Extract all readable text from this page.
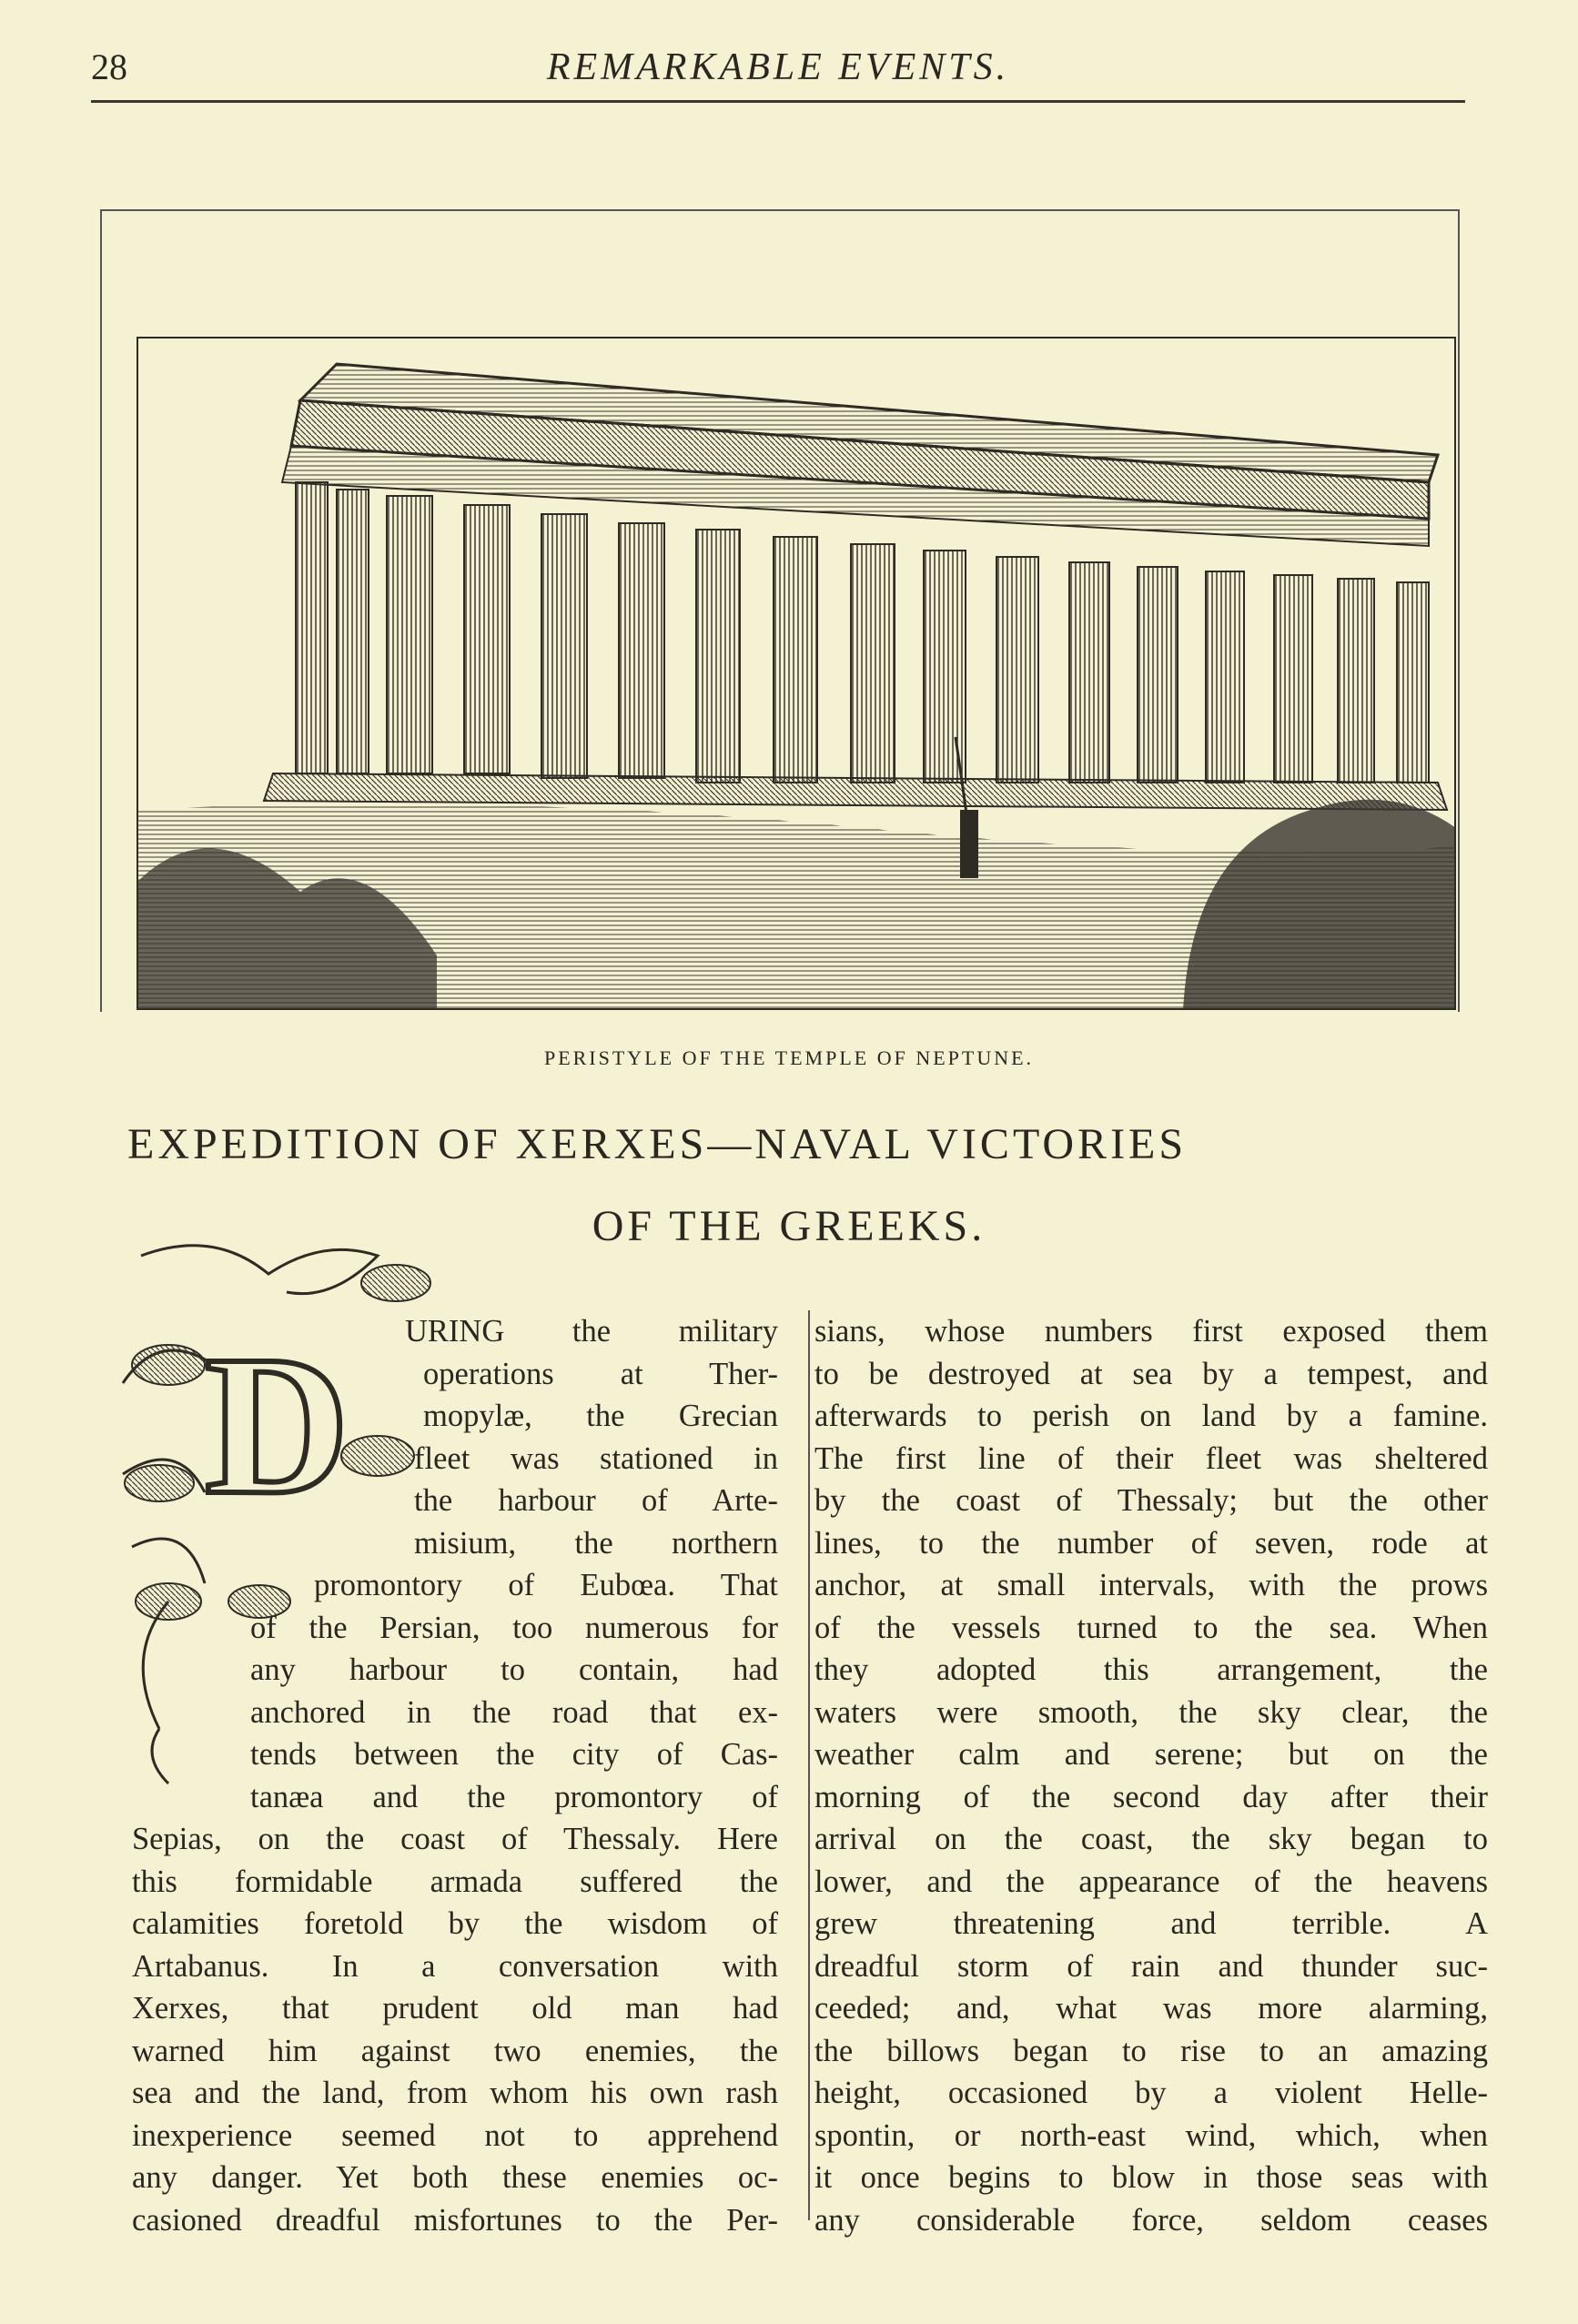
28	REMARKABLE EVENTS.
PERISTYLE OF THE TEMPLE OF NEPTUNE.
EXPEDITION OF XERXES—NAVAL VICTORIES
OF THE GREEKS.
D	URING the military
operations at Ther-
mopylæ, the Grecian
fleet was stationed in
the harbour of Arte-
misium, the northern
promontory of Eubœa. That
of the Persian, too numerous for
any harbour to contain, had
anchored in the road that ex-
tends between the city of Cas-
tanæa and the promontory of
Sepias, on the coast of Thessaly. Here
this formidable armada suffered the
calamities foretold by the wisdom of
Artabanus. In a conversation with
Xerxes, that prudent old man had
warned him against two enemies, the
sea and the land, from whom his own rash
inexperience seemed not to apprehend
any danger. Yet both these enemies oc-
casioned dreadful misfortunes to the Per-
sians, whose numbers first exposed them
to be destroyed at sea by a tempest, and
afterwards to perish on land by a famine.
The first line of their fleet was sheltered
by the coast of Thessaly; but the other
lines, to the number of seven, rode at
anchor, at small intervals, with the prows
of the vessels turned to the sea. When
they adopted this arrangement, the
waters were smooth, the sky clear, the
weather calm and serene; but on the
morning of the second day after their
arrival on the coast, the sky began to
lower, and the appearance of the heavens
grew threatening and terrible. A
dreadful storm of rain and thunder suc-
ceeded; and, what was more alarming,
the billows began to rise to an amazing
height, occasioned by a violent Helle-
spontin, or north-east wind, which, when
it once begins to blow in those seas with
any considerable force, seldom ceases
